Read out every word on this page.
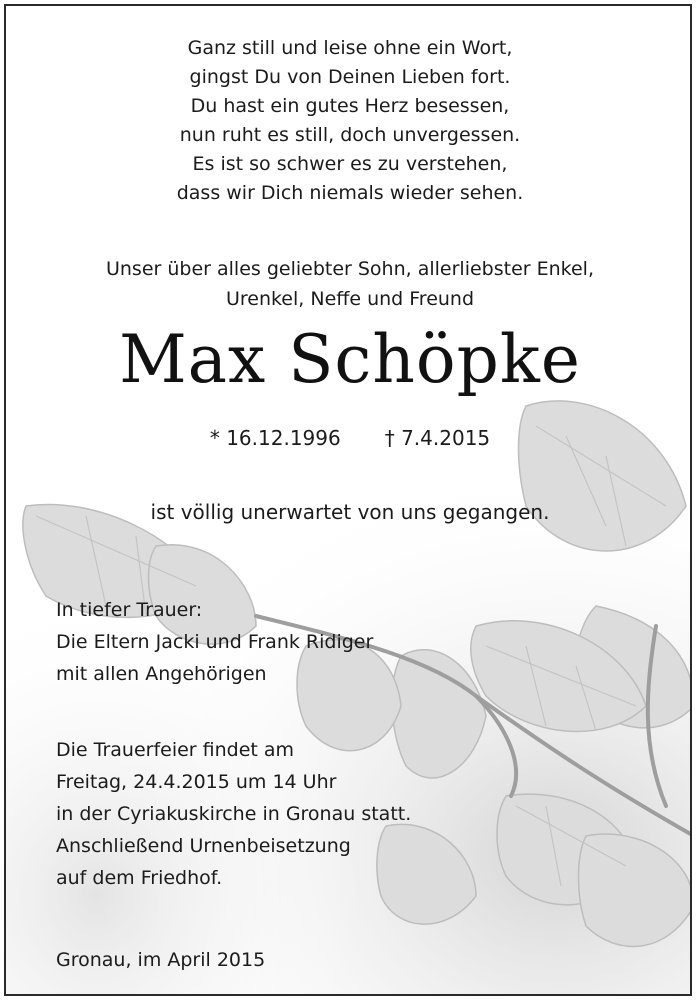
Ganz still und leise ohne ein Wort,
gingst Du von Deinen Lieben fort.
Du hast ein gutes Herz besessen,
nun ruht es still, doch unvergessen.
Es ist so schwer es zu verstehen,
dass wir Dich niemals wieder sehen.
Unser über alles geliebter Sohn, allerliebster Enkel,
Urenkel, Neffe und Freund
Max Schöpke
* 16.12.1996 † 7.4.2015
ist völlig unerwartet von uns gegangen.
In tiefer Trauer:
Die Eltern Jacki und Frank Ridiger
mit allen Angehörigen
Die Trauerfeier findet am
Freitag, 24.4.2015 um 14 Uhr
in der Cyriakuskirche in Gronau statt.
Anschließend Urnenbeisetzung
auf dem Friedhof.
Gronau, im April 2015
